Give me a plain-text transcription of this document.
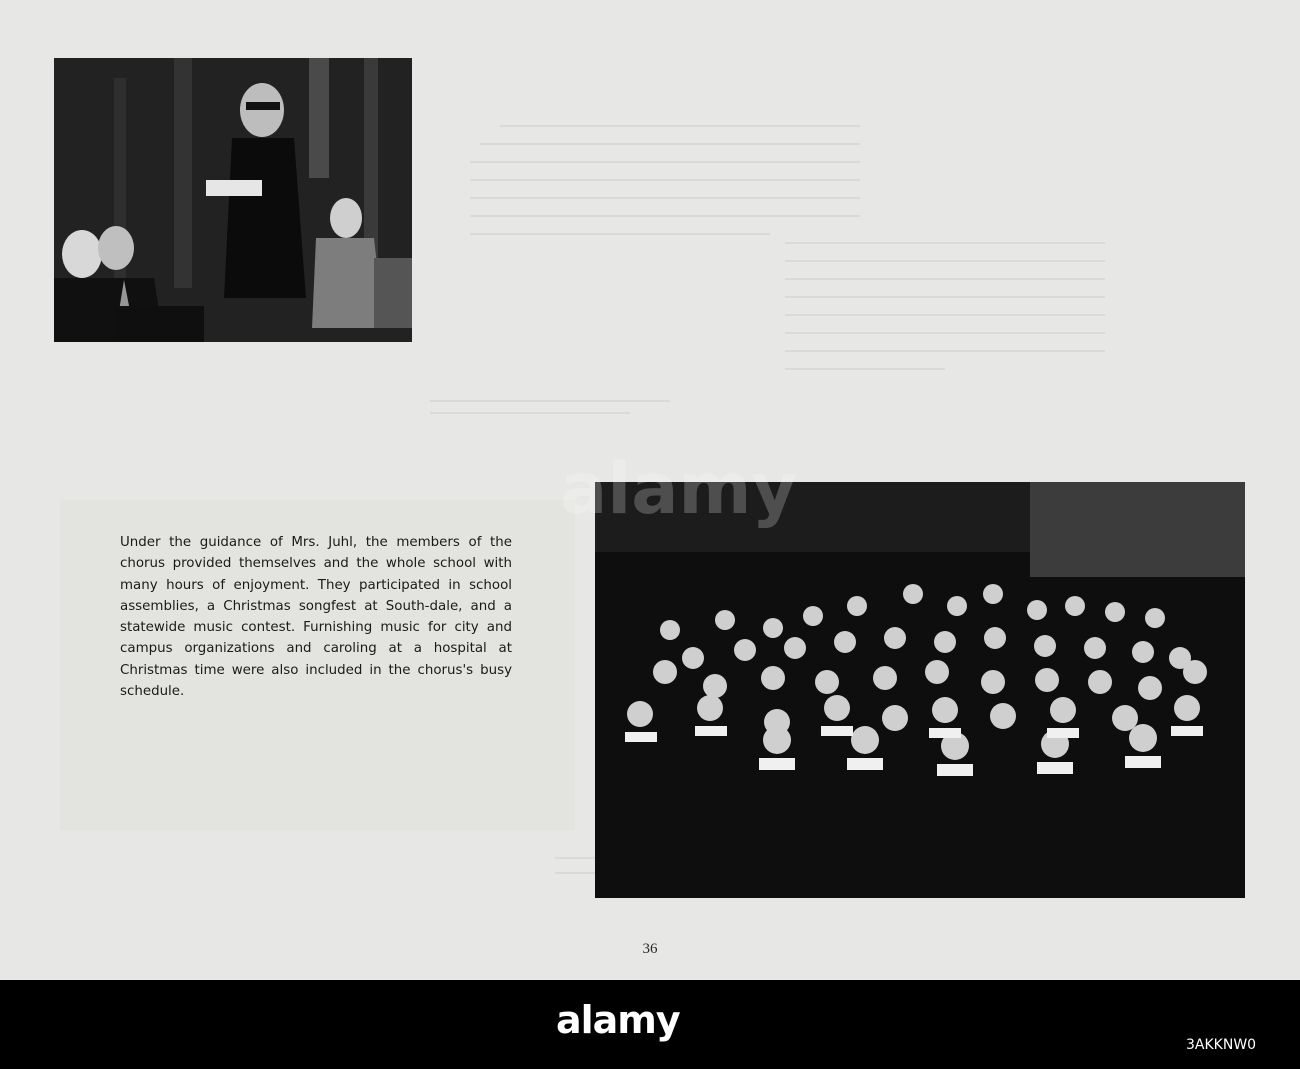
Under the guidance of Mrs. Juhl, the members of the chorus provided themselves and the whole school with many hours of enjoyment. They participated in school assemblies, a Christmas songfest at South-dale, and a statewide music contest. Furnishing music for city and campus organizations and caroling at a hospital at Christmas time were also included in the chorus's busy schedule.

36
alamy
alamy
3AKKNW0
